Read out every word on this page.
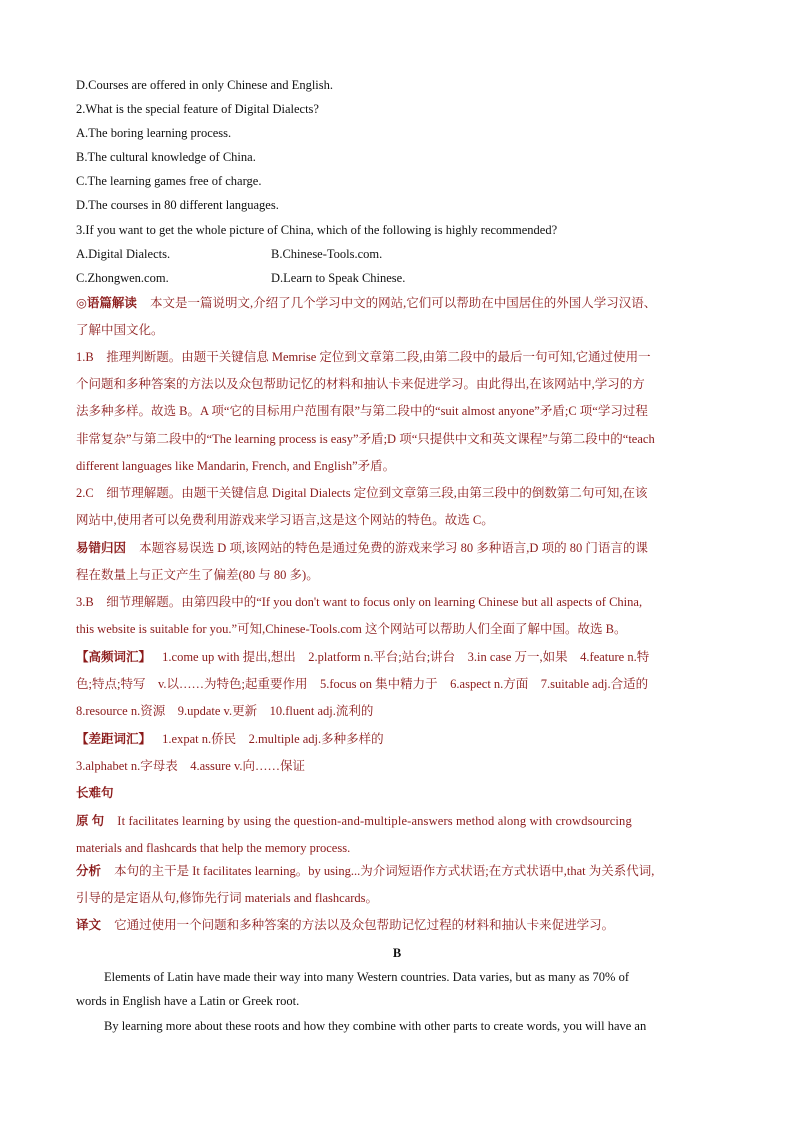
D.Courses are offered in only Chinese and English.
2.What is the special feature of Digital Dialects?
A.The boring learning process.
B.The cultural knowledge of China.
C.The learning games free of charge.
D.The courses in 80 different languages.
3.If you want to get the whole picture of China, which of the following is highly recommended?
A.Digital Dialects.	B.Chinese-Tools.com.
C.Zhongwen.com.	D.Learn to Speak Chinese.
◎语篇解读 本文是一篇说明文,介绍了几个学习中文的网站,它们可以帮助在中国居住的外国人学习汉语、
了解中国文化。
1.B　推理判断题。由题干关键信息 Memrise 定位到文章第二段,由第二段中的最后一句可知,它通过使用一
个问题和多种答案的方法以及众包帮助记忆的材料和抽认卡来促进学习。由此得出,在该网站中,学习的方
法多种多样。故选 B。A 项“它的目标用户范围有限”与第二段中的“suit almost anyone”矛盾;C 项“学习过程
非常复杂”与第二段中的“The learning process is easy”矛盾;D 项“只提供中文和英文课程”与第二段中的“teach
different languages like Mandarin, French, and English”矛盾。
2.C　细节理解题。由题干关键信息 Digital Dialects 定位到文章第三段,由第三段中的倒数第二句可知,在该
网站中,使用者可以免费利用游戏来学习语言,这是这个网站的特色。故选 C。
易错归因 本题容易误选 D 项,该网站的特色是通过免费的游戏来学习 80 多种语言,D 项的 80 门语言的课
程在数量上与正文产生了偏差(80 与 80 多)。
3.B　细节理解题。由第四段中的“If you don't want to focus only on learning Chinese but all aspects of China,
this website is suitable for you.”可知,Chinese-Tools.com 这个网站可以帮助人们全面了解中国。故选 B。
【高频词汇】 1.come up with 提出,想出　2.platform n.平台;站台;讲台　3.in case 万一,如果　4.feature n.特
色;特点;特写　v.以……为特色;起重要作用　5.focus on 集中精力于　6.aspect n.方面　7.suitable adj.合适的
8.resource n.资源　9.update v.更新　10.fluent adj.流利的
【差距词汇】 1.expat n.侨民　2.multiple adj.多种多样的
3.alphabet n.字母表　4.assure v.向……保证
长难句
原 句 It facilitates learning by using the question-and-multiple-answers method along with crowdsourcing
materials and flashcards that help the memory process.
分析 本句的主干是 It facilitates learning。by using...为介词短语作方式状语;在方式状语中,that 为关系代词,
引导的是定语从句,修饰先行词 materials and flashcards。
译文 它通过使用一个问题和多种答案的方法以及众包帮助记忆过程的材料和抽认卡来促进学习。
B
Elements of Latin have made their way into many Western countries. Data varies, but as many as 70% of
words in English have a Latin or Greek root.
By learning more about these roots and how they combine with other parts to create words, you will have an
